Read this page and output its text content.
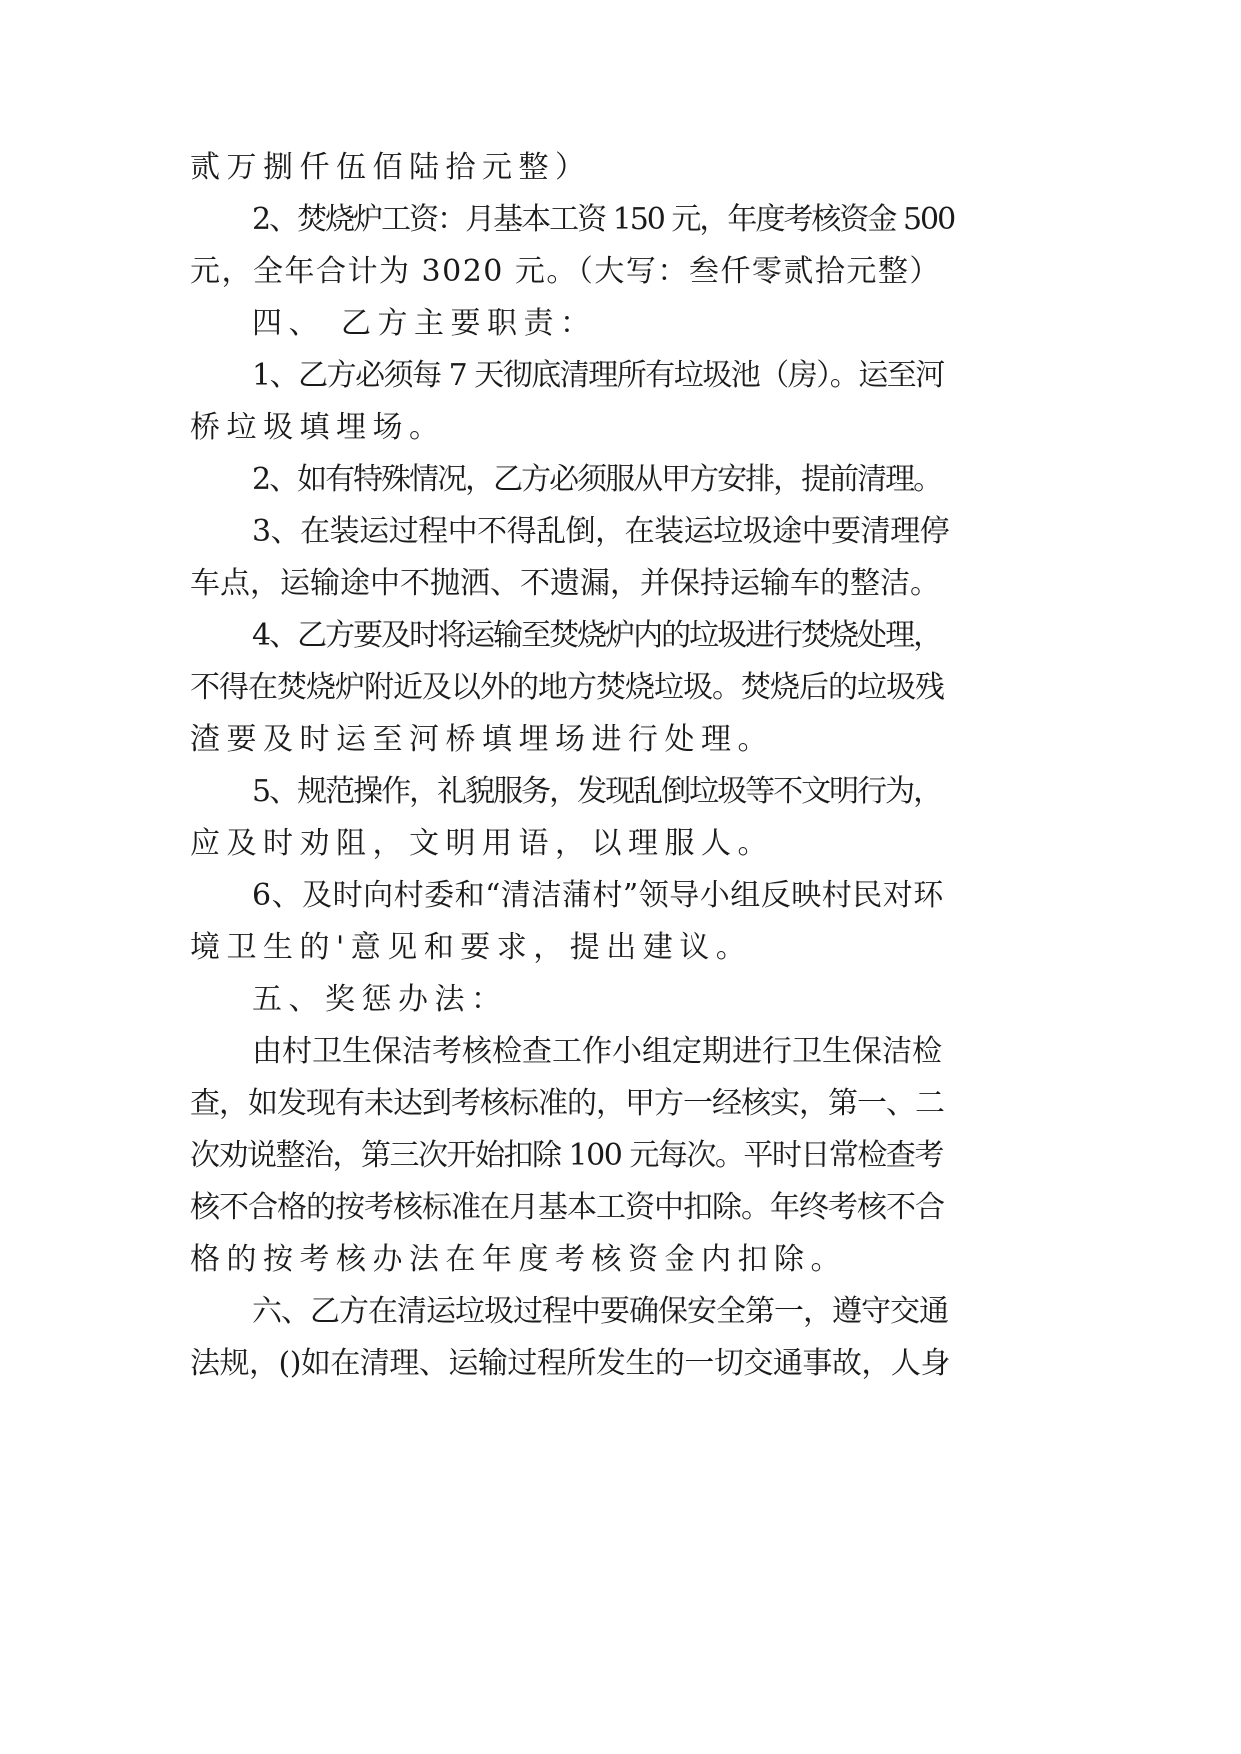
贰万捌仟伍佰陆拾元整）
2、焚烧炉工资：月基本工资 150 元，年度考核资金 500
元，全年合计为 3020 元。（大写：叁仟零贰拾元整）
四、 乙方主要职责：
1、乙方必须每 7 天彻底清理所有垃圾池（房）。运至河
桥垃圾填埋场。
2、如有特殊情况，乙方必须服从甲方安排，提前清理。
3、在装运过程中不得乱倒，在装运垃圾途中要清理停
车点，运输途中不抛洒、不遗漏，并保持运输车的整洁。
4、乙方要及时将运输至焚烧炉内的垃圾进行焚烧处理，
不得在焚烧炉附近及以外的地方焚烧垃圾。焚烧后的垃圾残
渣要及时运至河桥填埋场进行处理。
5、规范操作，礼貌服务，发现乱倒垃圾等不文明行为，
应及时劝阻，文明用语，以理服人。
6、及时向村委和“清洁蒲村”领导小组反映村民对环
境卫生的'意见和要求，提出建议。
五、奖惩办法：
由村卫生保洁考核检查工作小组定期进行卫生保洁检
查，如发现有未达到考核标准的，甲方一经核实，第一、二
次劝说整治，第三次开始扣除 100 元每次。平时日常检查考
核不合格的按考核标准在月基本工资中扣除。年终考核不合
格的按考核办法在年度考核资金内扣除。
六、乙方在清运垃圾过程中要确保安全第一，遵守交通
法规，()如在清理、运输过程所发生的一切交通事故，人身
